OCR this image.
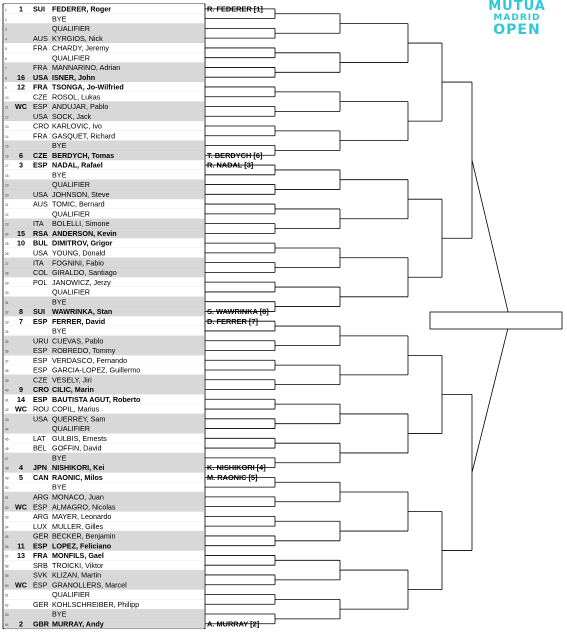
MUTUA
MADRID
OPEN
1 1 SUI FEDERER, Roger
2	BYE
3	QUALIFIER
4	AUS KYRGIOS, Nick
5	FRA CHARDY, Jeremy
6	QUALIFIER
7	FRA MANNARINO, Adrian
8 16 USA ISNER, John
9 12 FRA TSONGA, Jo-Wilfried
10	CZE ROSOL, Lukas
11 WC ESP ANDUJAR, Pablo
12	USA SOCK, Jack
13	CRO KARLOVIC, Ivo
14	FRA GASQUET, Richard
15	BYE
16 6 CZE BERDYCH, Tomas
17 3 ESP NADAL, Rafael
18	BYE
19	QUALIFIER
20	USA JOHNSON, Steve
21	AUS TOMIC, Bernard
22	QUALIFIER
23	ITA BOLELLI, Simone
24 15 RSA ANDERSON, Kevin
25 10 BUL DIMITROV, Grigor
26	USA YOUNG, Donald
27	ITA FOGNINI, Fabio
28	COL GIRALDO, Santiago
29	POL JANOWICZ, Jerzy
30	QUALIFIER
31	BYE
32 8 SUI WAWRINKA, Stan
33 7 ESP FERRER, David
34	BYE
35	URU CUEVAS, Pablo
36	ESP ROBREDO, Tommy
37	ESP VERDASCO, Fernando
38	ESP GARCIA-LOPEZ, Guillermo
39	CZE VESELY, Jiri
40 9 CRO CILIC, Marin
41 14 ESP BAUTISTA AGUT, Roberto
42 WC ROU COPIL, Marius
43	USA QUERREY, Sam
44	QUALIFIER
45	LAT GULBIS, Ernests
46	BEL GOFFIN, David
47	BYE
48 4 JPN NISHIKORI, Kei
49 5 CAN RAONIC, Milos
50	BYE
51	ARG MONACO, Juan
52 WC ESP ALMAGRO, Nicolas
53	ARG MAYER, Leonardo
54	LUX MULLER, Gilles
55	GER BECKER, Benjamin
56 11 ESP LOPEZ, Feliciano
57 13 FRA MONFILS, Gael
58	SRB TROICKI, Viktor
59	SVK KLIZAN, Martin
60 WC ESP GRANOLLERS, Marcel
61	QUALIFIER
62	GER KOHLSCHREIBER, Philipp
63	BYE
64 2 GBR MURRAY, Andy
R. FEDERER [1]
T. BERDYCH [6]
R. NADAL [3]
S. WAWRINKA [8]
D. FERRER [7]
K. NISHIKORI [4]
M. RAONIC [5]
A. MURRAY [2]
